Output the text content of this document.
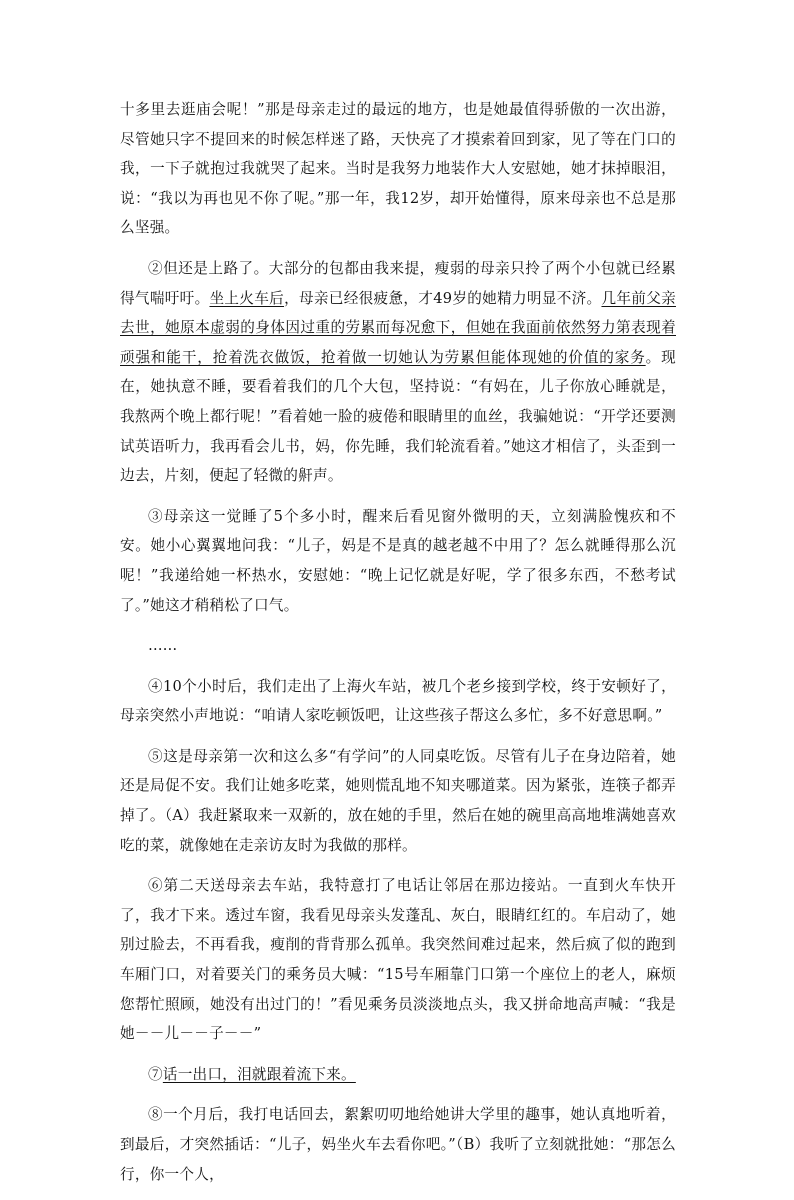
十多里去逛庙会呢！”那是母亲走过的最远的地方，也是她最值得骄傲的一次出游，尽管她只字不提回来的时候怎样迷了路，天快亮了才摸索着回到家，见了等在门口的我，一下子就抱过我就哭了起来。当时是我努力地装作大人安慰她，她才抹掉眼泪，说：“我以为再也见不你了呢。”那一年，我12岁，却开始懂得，原来母亲也不总是那么坚强。

②但还是上路了。大部分的包都由我来提，瘦弱的母亲只拎了两个小包就已经累得气喘吁吁。坐上火车后，母亲已经很疲惫，才49岁的她精力明显不济。几年前父亲去世，她原本虚弱的身体因过重的劳累而每况愈下，但她在我面前依然努力第表现着顽强和能干，抢着洗衣做饭，抢着做一切她认为劳累但能体现她的价值的家务。现在，她执意不睡，要看着我们的几个大包，坚持说：“有妈在，儿子你放心睡就是，我熬两个晚上都行呢！”看着她一脸的疲倦和眼睛里的血丝，我骗她说：“开学还要测试英语听力，我再看会儿书，妈，你先睡，我们轮流看着。”她这才相信了，头歪到一边去，片刻，便起了轻微的鼾声。

③母亲这一觉睡了5个多小时，醒来后看见窗外微明的天，立刻满脸愧疚和不安。她小心翼翼地问我：“儿子，妈是不是真的越老越不中用了？怎么就睡得那么沉呢！”我递给她一杯热水，安慰她：“晚上记忆就是好呢，学了很多东西，不愁考试了。”她这才稍稍松了口气。

……

④10个小时后，我们走出了上海火车站，被几个老乡接到学校，终于安顿好了，母亲突然小声地说：“咱请人家吃顿饭吧，让这些孩子帮这么多忙，多不好意思啊。”

⑤这是母亲第一次和这么多“有学问”的人同桌吃饭。尽管有儿子在身边陪着，她还是局促不安。我们让她多吃菜，她则慌乱地不知夹哪道菜。因为紧张，连筷子都弄掉了。（A）我赶紧取来一双新的，放在她的手里，然后在她的碗里高高地堆满她喜欢吃的菜，就像她在走亲访友时为我做的那样。

⑥第二天送母亲去车站，我特意打了电话让邻居在那边接站。一直到火车快开了，我才下来。透过车窗，我看见母亲头发蓬乱、灰白，眼睛红红的。车启动了，她别过脸去，不再看我，瘦削的背背那么孤单。我突然间难过起来，然后疯了似的跑到车厢门口，对着要关门的乘务员大喊：“15号车厢靠门口第一个座位上的老人，麻烦您帮忙照顾，她没有出过门的！”看见乘务员淡淡地点头，我又拼命地高声喊：“我是她－－儿－－子－－”

⑦话一出口，泪就跟着流下来。

⑧一个月后，我打电话回去，絮絮叨叨地给她讲大学里的趣事，她认真地听着，到最后，才突然插话：“儿子，妈坐火车去看你吧。”（B）我听了立刻就批她：“那怎么行，你一个人，
